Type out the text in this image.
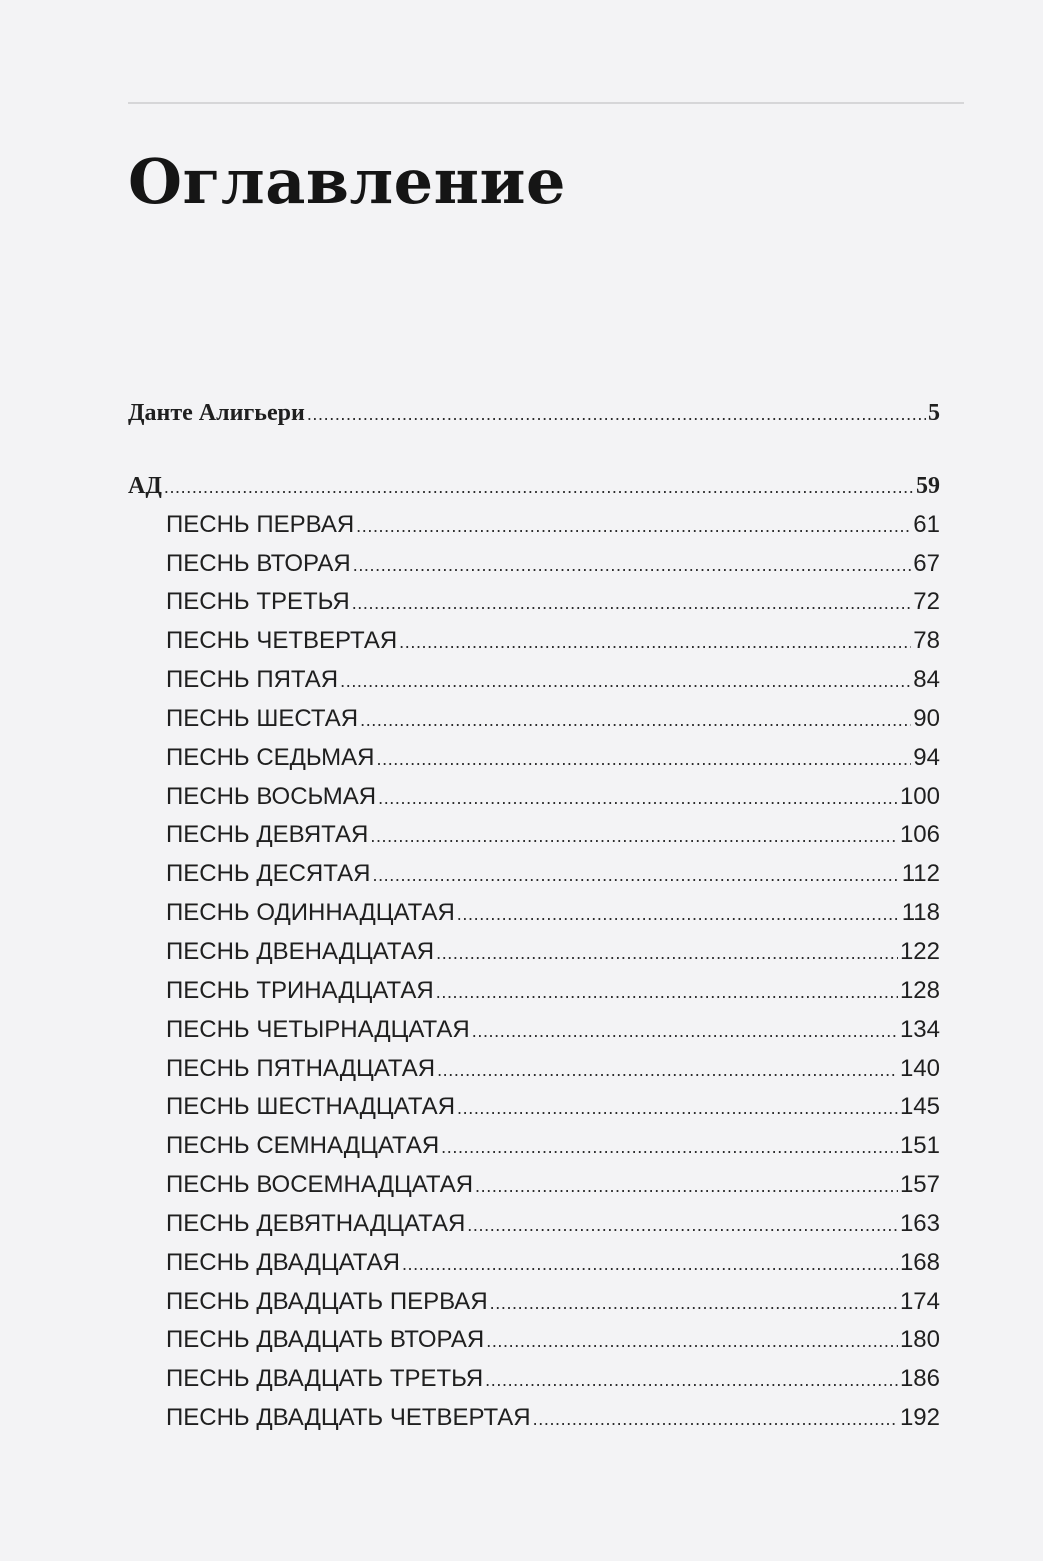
Оглавление
Данте Алигьери .....	5
АД .....	59
ПЕСНЬ ПЕРВАЯ .....	61
ПЕСНЬ ВТОРАЯ .....	67
ПЕСНЬ ТРЕТЬЯ .....	72
ПЕСНЬ ЧЕТВЕРТАЯ .....	78
ПЕСНЬ ПЯТАЯ .....	84
ПЕСНЬ ШЕСТАЯ .....	90
ПЕСНЬ СЕДЬМАЯ .....	94
ПЕСНЬ ВОСЬМАЯ .....	100
ПЕСНЬ ДЕВЯТАЯ .....	106
ПЕСНЬ ДЕСЯТАЯ .....	112
ПЕСНЬ ОДИННАДЦАТАЯ .....	118
ПЕСНЬ ДВЕНАДЦАТАЯ .....	122
ПЕСНЬ ТРИНАДЦАТАЯ .....	128
ПЕСНЬ ЧЕТЫРНАДЦАТАЯ .....	134
ПЕСНЬ ПЯТНАДЦАТАЯ .....	140
ПЕСНЬ ШЕСТНАДЦАТАЯ .....	145
ПЕСНЬ СЕМНАДЦАТАЯ .....	151
ПЕСНЬ ВОСЕМНАДЦАТАЯ .....	157
ПЕСНЬ ДЕВЯТНАДЦАТАЯ .....	163
ПЕСНЬ ДВАДЦАТАЯ .....	168
ПЕСНЬ ДВАДЦАТЬ ПЕРВАЯ .....	174
ПЕСНЬ ДВАДЦАТЬ ВТОРАЯ .....	180
ПЕСНЬ ДВАДЦАТЬ ТРЕТЬЯ .....	186
ПЕСНЬ ДВАДЦАТЬ ЧЕТВЕРТАЯ .....	192
